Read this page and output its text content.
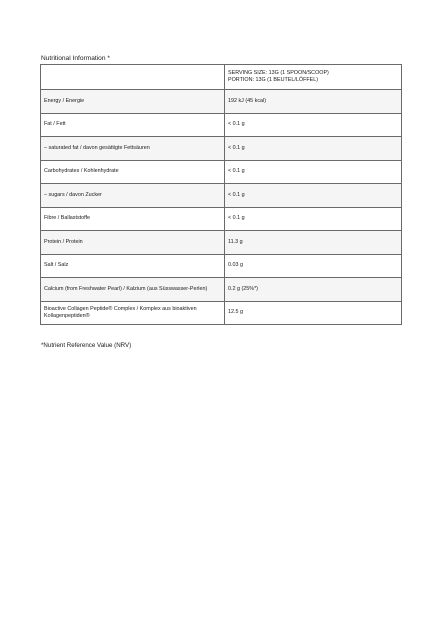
Nutritional Information *

	SERVING SIZE: 13G (1 SPOON/SCOOP)
PORTION: 13G (1 BEUTEL/LÖFFEL)

Energy / Energie	192 kJ (45 kcal)
Fat / Fett	< 0.1 g
– saturated fat / davon gesättigte Fettsäuren	< 0.1 g
Carbohydrates / Kohlenhydrate	< 0.1 g
– sugars / davon Zucker	< 0.1 g
Fibre / Ballaststoffe	< 0.1 g
Protein / Protein	11.3 g
Salt / Salz	0.03 g
Calcium (from Freshwater Pearl) / Kalzium (aus Süsswasser-Perlen)	0.2 g (25%*)
Bioactive Collagen Peptide® Complex / Komplex aus bioaktiven Kollagenpeptiden®	12.5 g
*Nutrient Reference Value (NRV)
